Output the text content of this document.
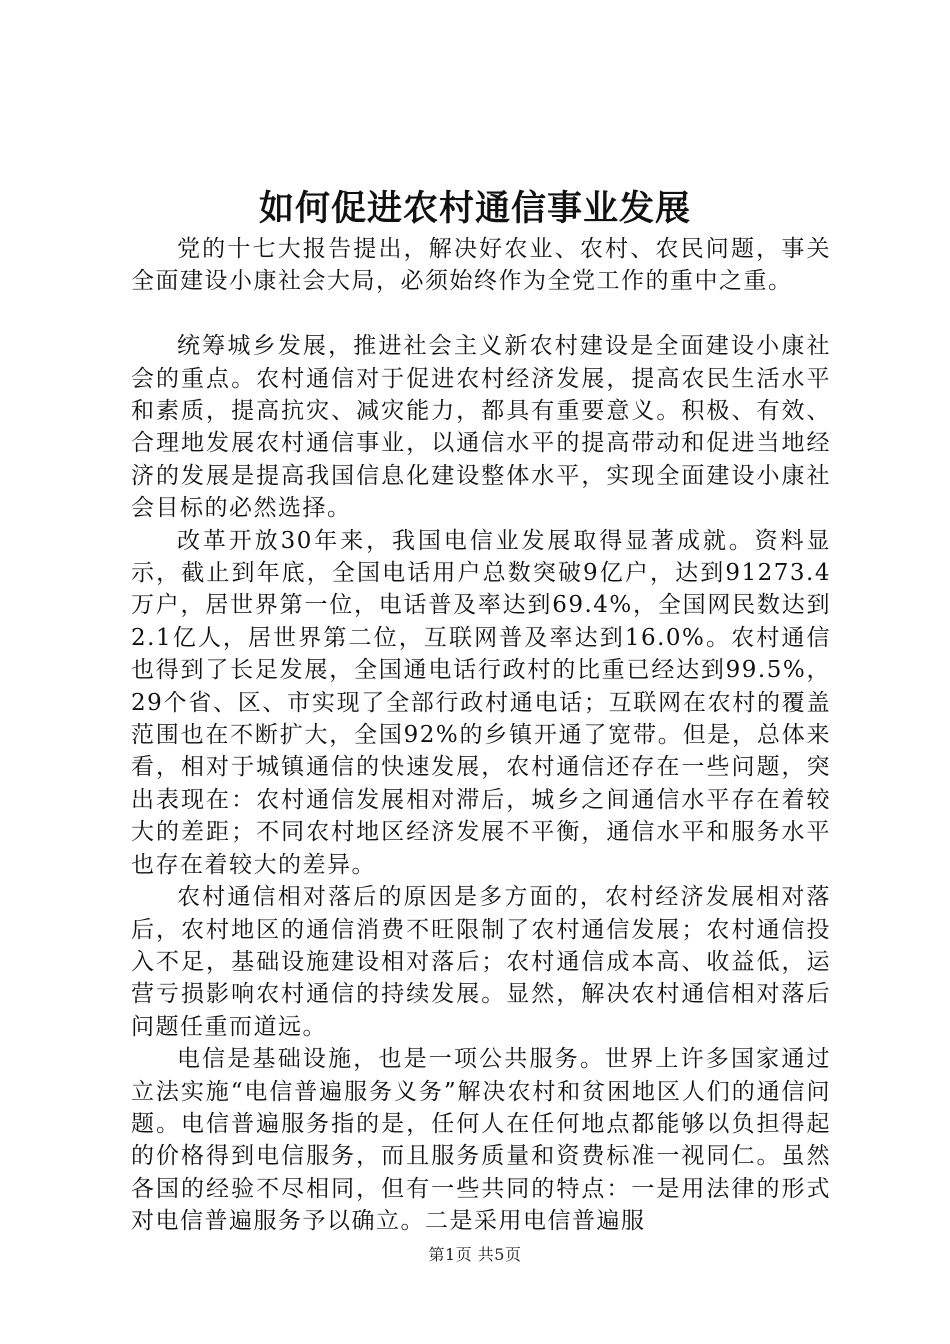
如何促进农村通信事业发展

党的十七大报告提出，解决好农业、农村、农民问题，事关全面建设小康社会大局，必须始终作为全党工作的重中之重。

统筹城乡发展，推进社会主义新农村建设是全面建设小康社会的重点。农村通信对于促进农村经济发展，提高农民生活水平和素质，提高抗灾、减灾能力，都具有重要意义。积极、有效、合理地发展农村通信事业，以通信水平的提高带动和促进当地经济的发展是提高我国信息化建设整体水平，实现全面建设小康社会目标的必然选择。

改革开放30年来，我国电信业发展取得显著成就。资料显示，截止到年底，全国电话用户总数突破9亿户，达到91273.4万户，居世界第一位，电话普及率达到69.4%，全国网民数达到2.1亿人，居世界第二位，互联网普及率达到16.0%。农村通信也得到了长足发展，全国通电话行政村的比重已经达到99.5%，29个省、区、市实现了全部行政村通电话；互联网在农村的覆盖范围也在不断扩大，全国92%的乡镇开通了宽带。但是，总体来看，相对于城镇通信的快速发展，农村通信还存在一些问题，突出表现在：农村通信发展相对滞后，城乡之间通信水平存在着较大的差距；不同农村地区经济发展不平衡，通信水平和服务水平也存在着较大的差异。

农村通信相对落后的原因是多方面的，农村经济发展相对落后，农村地区的通信消费不旺限制了农村通信发展；农村通信投入不足，基础设施建设相对落后；农村通信成本高、收益低，运营亏损影响农村通信的持续发展。显然，解决农村通信相对落后问题任重而道远。

电信是基础设施，也是一项公共服务。世界上许多国家通过立法实施“电信普遍服务义务”解决农村和贫困地区人们的通信问题。电信普遍服务指的是，任何人在任何地点都能够以负担得起的价格得到电信服务，而且服务质量和资费标准一视同仁。虽然各国的经验不尽相同，但有一些共同的特点：一是用法律的形式对电信普遍服务予以确立。二是采用电信普遍服

第1页 共5页
